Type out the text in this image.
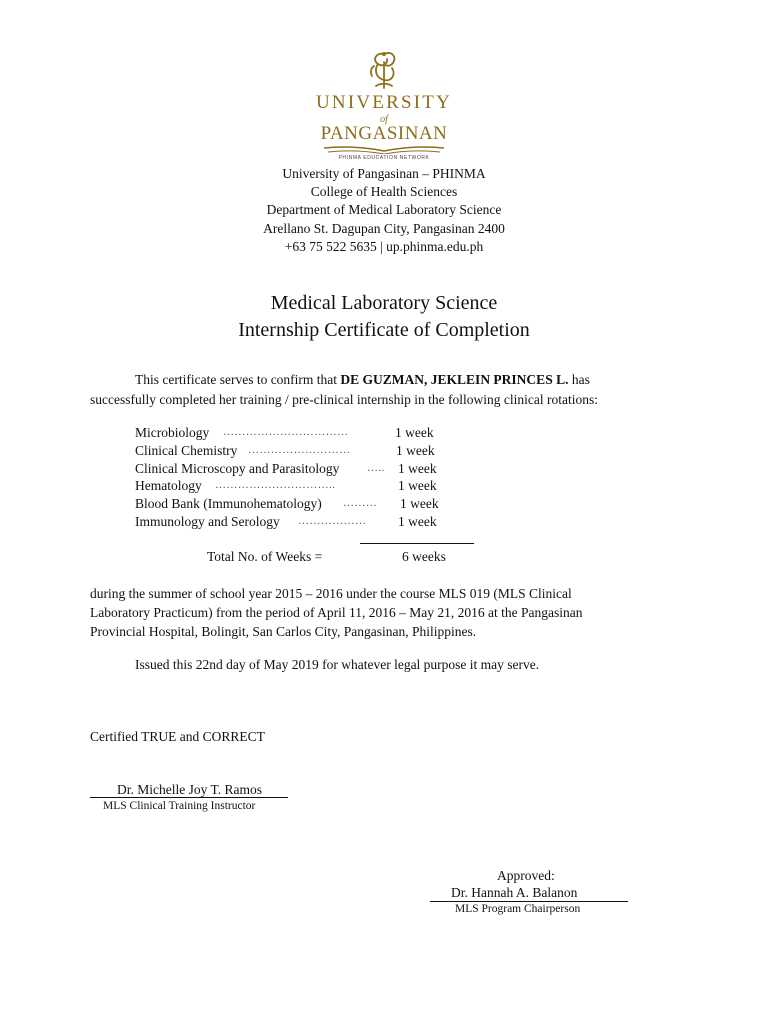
UNIVERSITY
of
PANGASINAN
PHINMA EDUCATION NETWORK
University of Pangasinan – PHINMA
College of Health Sciences
Department of Medical Laboratory Science
Arellano St. Dagupan City, Pangasinan 2400
+63 75 522 5635 | up.phinma.edu.ph
Medical Laboratory Science
Internship Certificate of Completion
This certificate serves to confirm that DE GUZMAN, JEKLEIN PRINCES L. has
successfully completed her training / pre-clinical internship in the following clinical rotations:
Microbiology ……………………………	1 week
Clinical Chemistry ………………………	1 week
Clinical Microscopy and Parasitology	….. 1 week
Hematology …………………………..	1 week
Blood Bank (Immunohematology) ……… 1 week
Immunology and Serology ……………… 1 week
Total No. of Weeks =	6 weeks
during the summer of school year 2015 – 2016 under the course MLS 019 (MLS Clinical
Laboratory Practicum) from the period of April 11, 2016 – May 21, 2016 at the Pangasinan
Provincial Hospital, Bolingit, San Carlos City, Pangasinan, Philippines.
Issued this 22nd day of May 2019 for whatever legal purpose it may serve.
Certified TRUE and CORRECT
Dr. Michelle Joy T. Ramos
MLS Clinical Training Instructor
Approved:
Dr. Hannah A. Balanon
MLS Program Chairperson
